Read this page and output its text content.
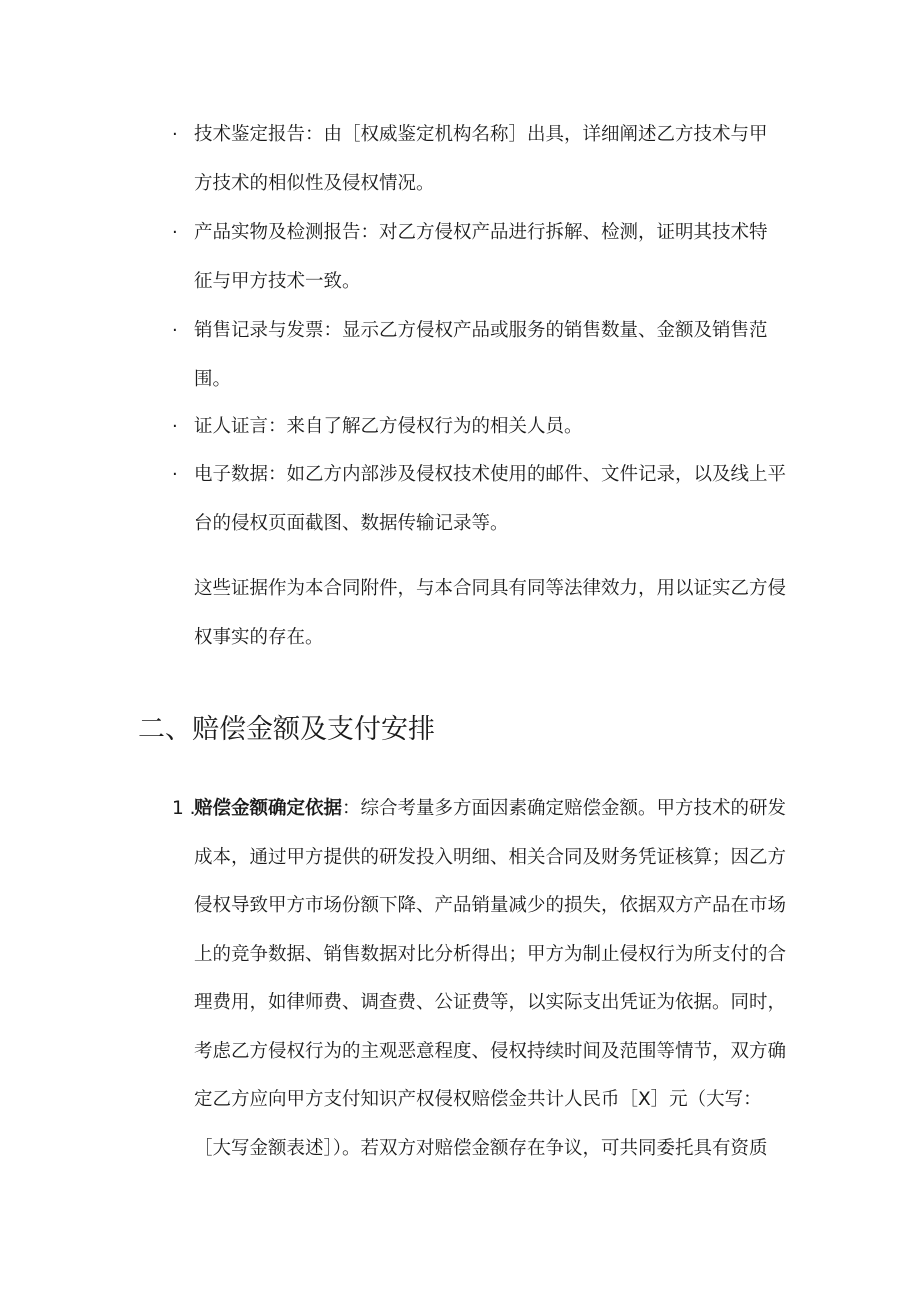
· 技术鉴定报告：由［权威鉴定机构名称］出具，详细阐述乙方技术与甲
方技术的相似性及侵权情况。
· 产品实物及检测报告：对乙方侵权产品进行拆解、检测，证明其技术特
征与甲方技术一致。
· 销售记录与发票：显示乙方侵权产品或服务的销售数量、金额及销售范
围。
· 证人证言：来自了解乙方侵权行为的相关人员。
· 电子数据：如乙方内部涉及侵权技术使用的邮件、文件记录，以及线上平
台的侵权页面截图、数据传输记录等。
这些证据作为本合同附件，与本合同具有同等法律效力，用以证实乙方侵
权事实的存在。
二、赔偿金额及支付安排
1 .
赔偿金额确定依据：综合考量多方面因素确定赔偿金额。甲方技术的研发
成本，通过甲方提供的研发投入明细、相关合同及财务凭证核算；因乙方
侵权导致甲方市场份额下降、产品销量减少的损失，依据双方产品在市场
上的竞争数据、销售数据对比分析得出；甲方为制止侵权行为所支付的合
理费用，如律师费、调查费、公证费等，以实际支出凭证为依据。同时，
考虑乙方侵权行为的主观恶意程度、侵权持续时间及范围等情节，双方确
定乙方应向甲方支付知识产权侵权赔偿金共计人民币［X］元（大写：
［大写金额表述］）。若双方对赔偿金额存在争议，可共同委托具有资质
